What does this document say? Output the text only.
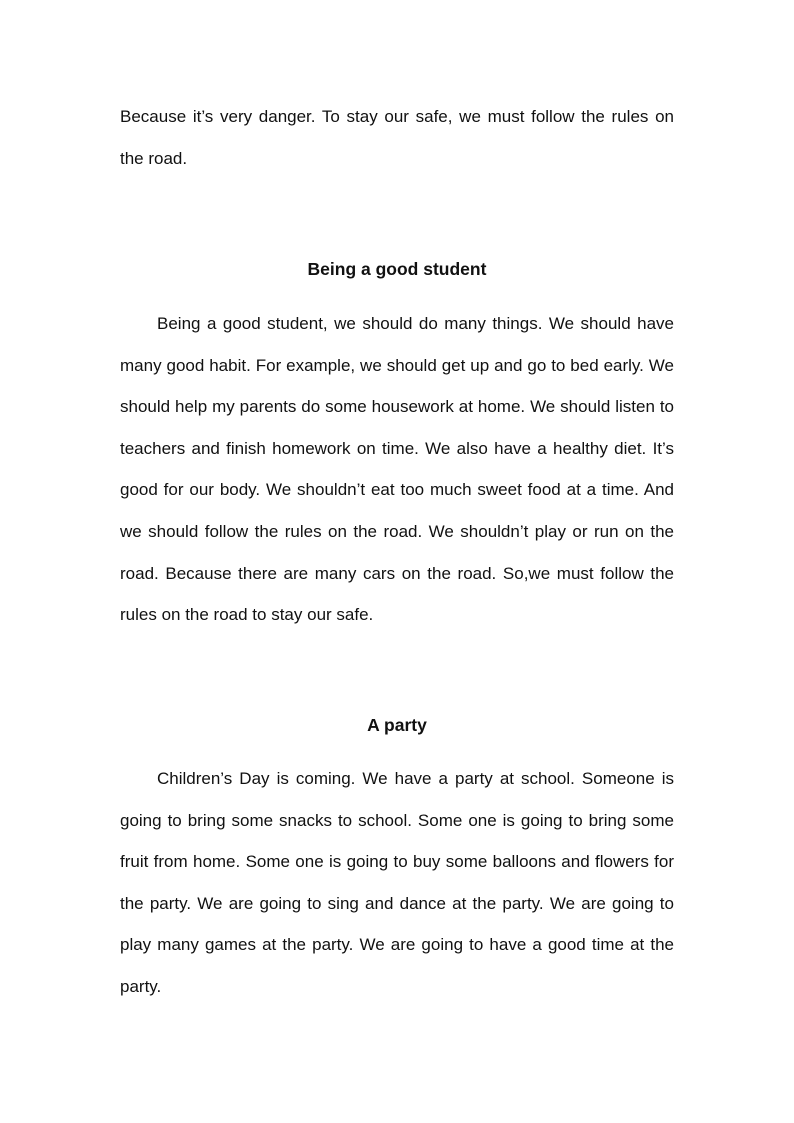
Because it’s very danger. To stay our safe, we must follow the rules on the road.

Being a good student

Being a good student, we should do many things. We should have many good habit. For example, we should get up and go to bed early. We should help my parents do some housework at home. We should listen to teachers and finish homework on time. We also have a healthy diet. It’s good for our body. We shouldn’t eat too much sweet food at a time. And we should follow the rules on the road. We shouldn’t play or run on the road. Because there are many cars on the road. So,we must follow the rules on the road to stay our safe.

A party

Children’s Day is coming. We have a party at school. Someone is going to bring some snacks to school. Some one is going to bring some fruit from home. Some one is going to buy some balloons and flowers for the party. We are going to sing and dance at the party. We are going to play many games at the party. We are going to have a good time at the party.
